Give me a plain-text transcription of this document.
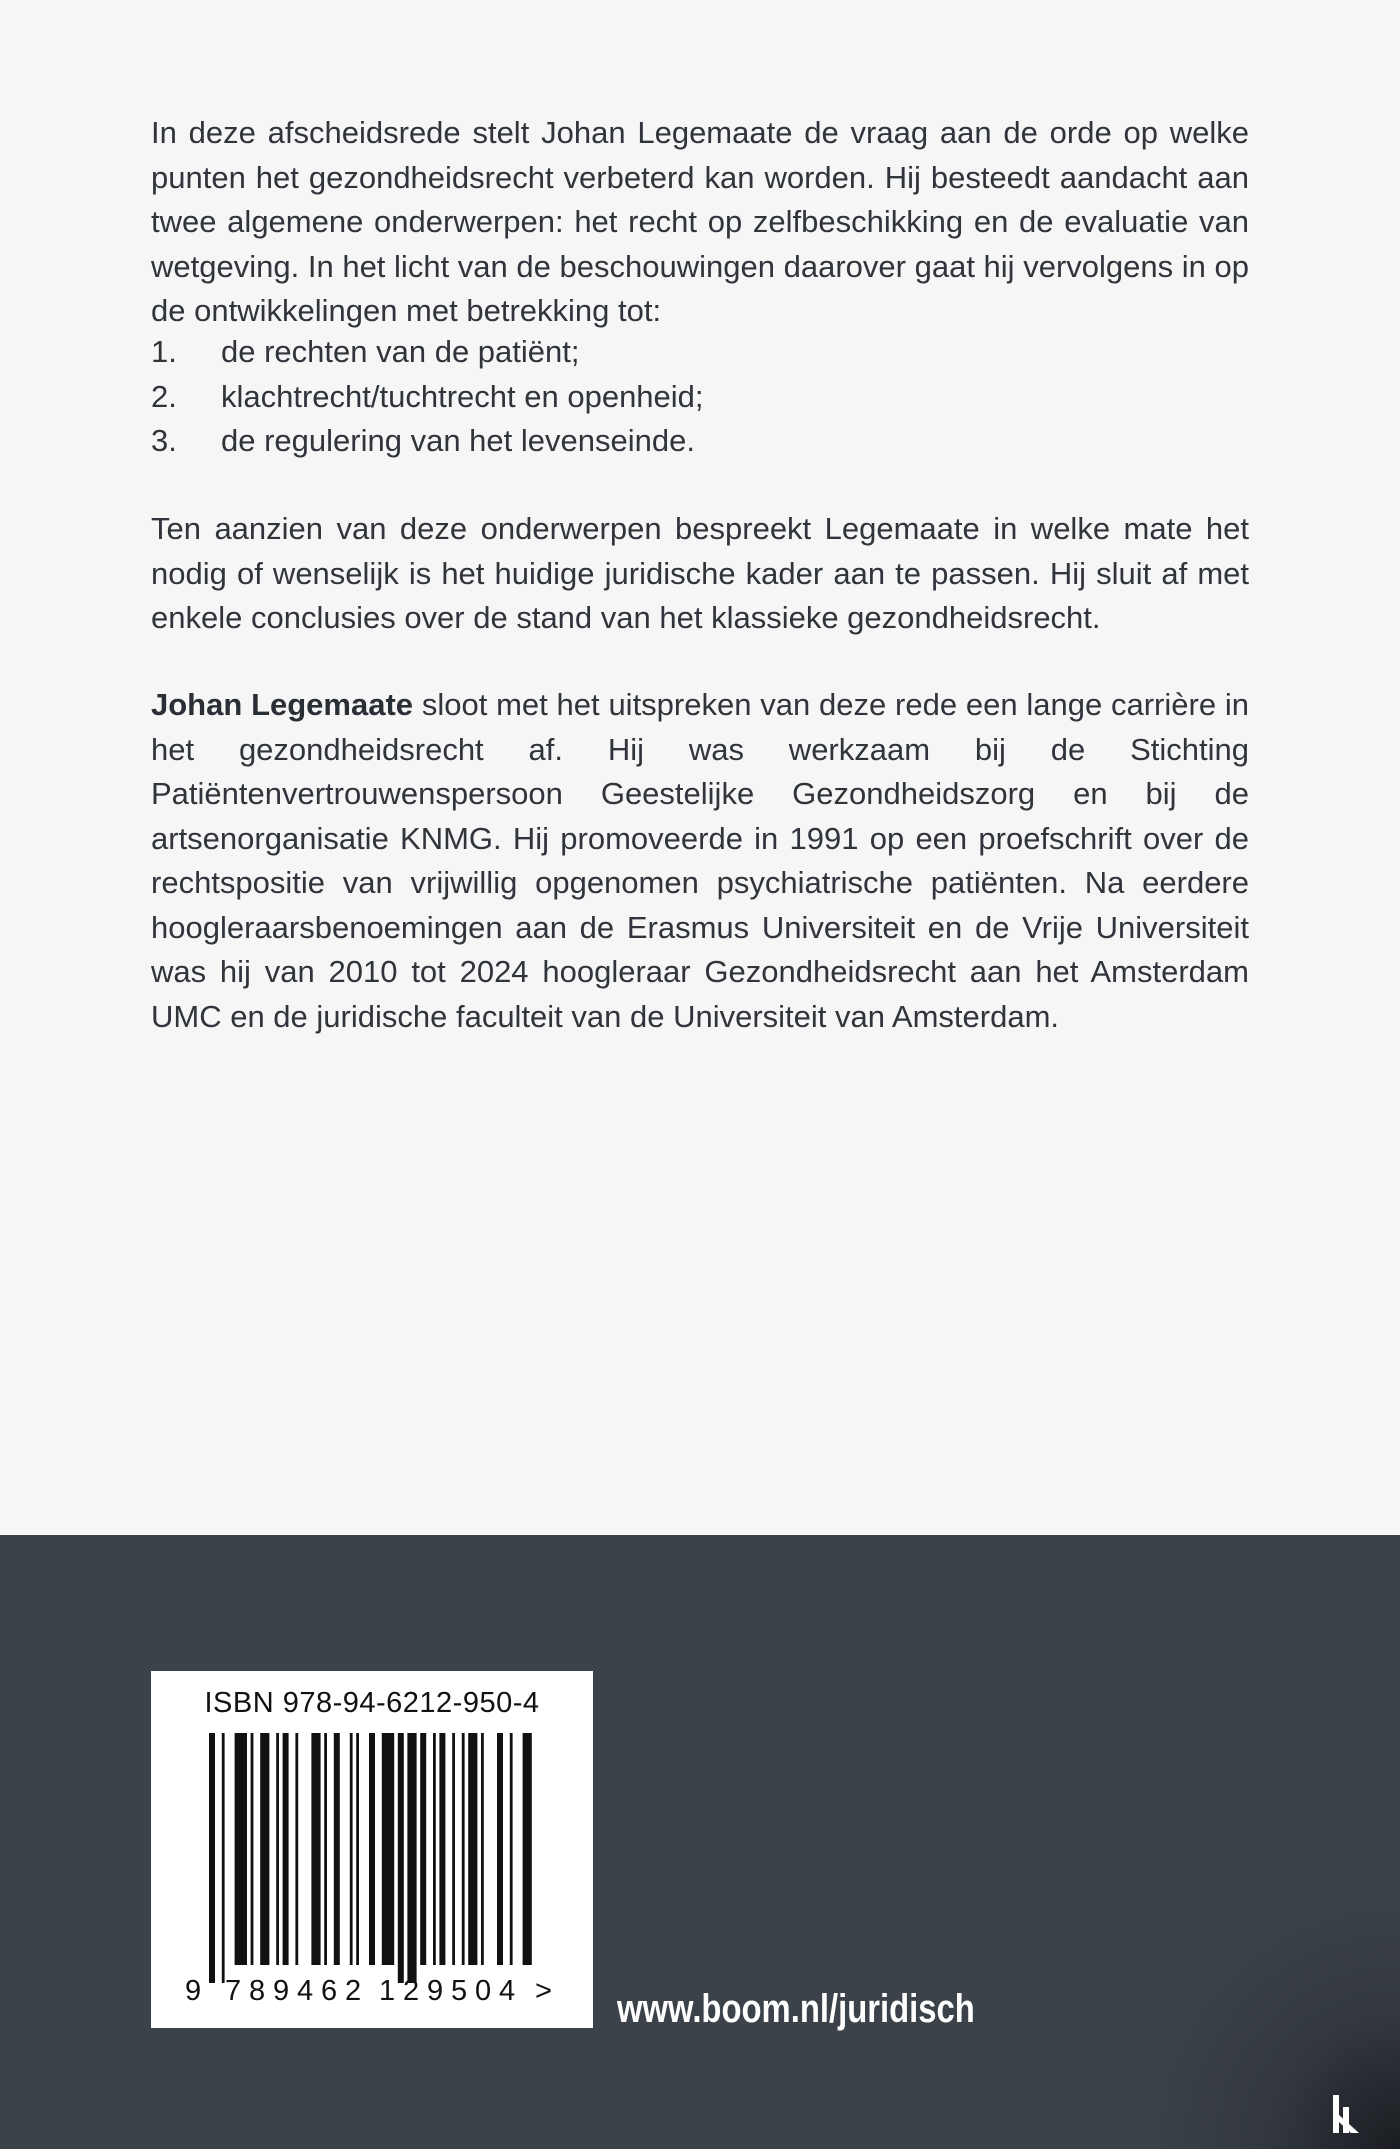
In deze afscheidsrede stelt Johan Legemaate de vraag aan de orde op welke punten het gezondheidsrecht verbeterd kan worden. Hij besteedt aandacht aan twee algemene onderwerpen: het recht op zelfbeschikking en de evaluatie van wetgeving. In het licht van de beschouwingen daarover gaat hij vervolgens in op de ontwikkelingen met betrekking tot:

1.	de rechten van de patiënt;

2.	klachtrecht/tuchtrecht en openheid;

3.	de regulering van het levenseinde.

Ten aanzien van deze onderwerpen bespreekt Legemaate in welke mate het nodig of wenselijk is het huidige juridische kader aan te passen. Hij sluit af met enkele conclusies over de stand van het klassieke gezondheidsrecht.

Johan Legemaate sloot met het uitspreken van deze rede een lange carrière in het gezondheidsrecht af. Hij was werkzaam bij de Stichting Patiëntenvertrouwenspersoon Geestelijke Gezondheidszorg en bij de artsenorganisatie KNMG. Hij promoveerde in 1991 op een proefschrift over de rechtspositie van vrijwillig opgenomen psychiatrische patiënten. Na eerdere hoogleraarsbenoemingen aan de Erasmus Universiteit en de Vrije Universiteit was hij van 2010 tot 2024 hoogleraar Gezondheidsrecht aan het Amsterdam UMC en de juridische faculteit van de Universiteit van Amsterdam.

ISBN 978-94-6212-950-4
9 7 8 9 4 6 2 1 2 9 5 0 4 > www.boom.nl/juridisch
